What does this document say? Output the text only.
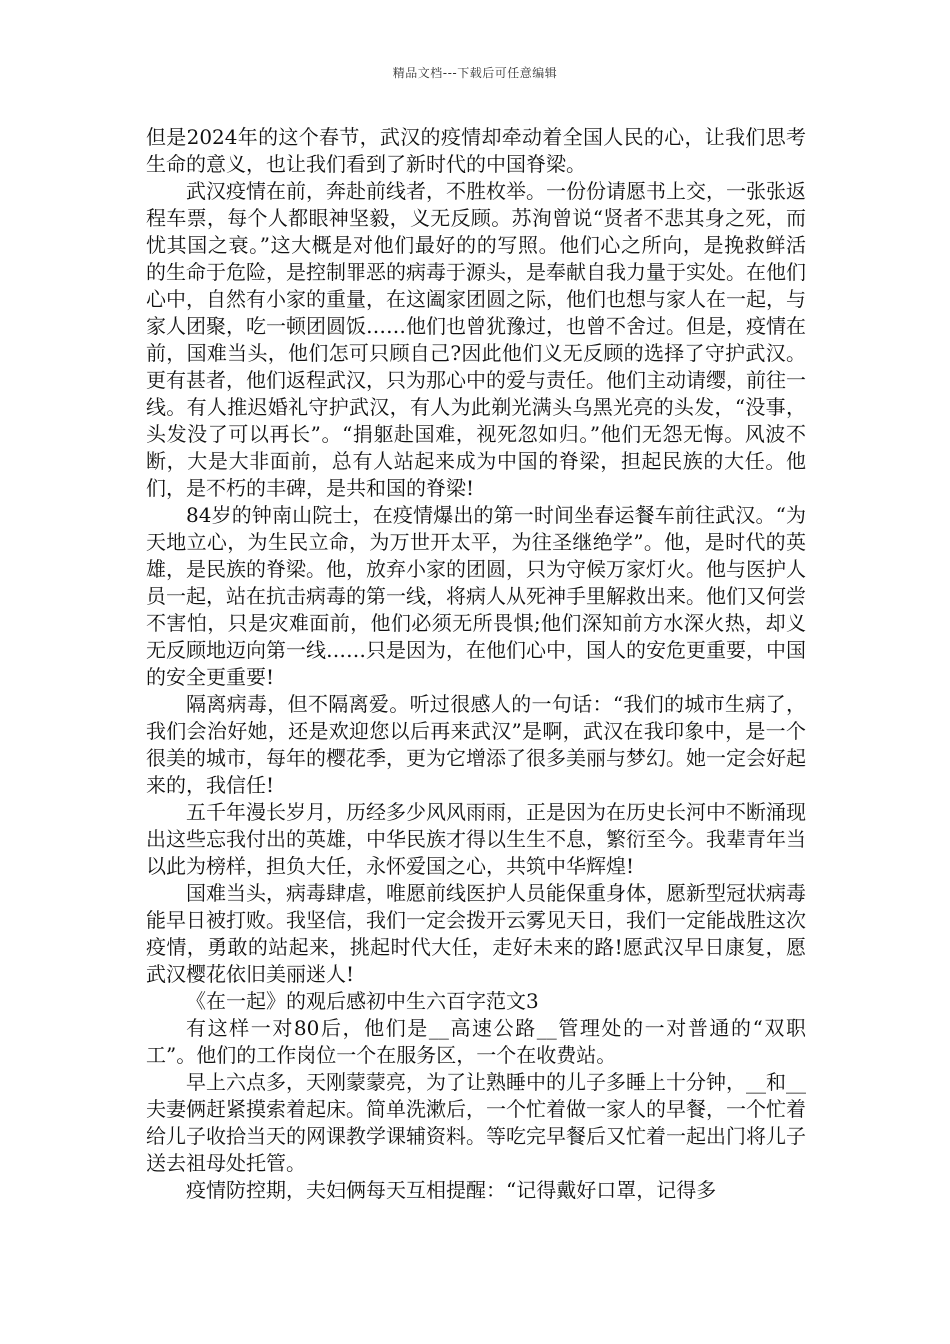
精品文档---下载后可任意编辑

但是2024年的这个春节，武汉的疫情却牵动着全国人民的心，让我们思考生命的意义，也让我们看到了新时代的中国脊梁。

武汉疫情在前，奔赴前线者，不胜枚举。一份份请愿书上交，一张张返程车票，每个人都眼神坚毅，义无反顾。苏洵曾说“贤者不悲其身之死，而忧其国之衰。”这大概是对他们最好的的写照。他们心之所向，是挽救鲜活的生命于危险，是控制罪恶的病毒于源头，是奉献自我力量于实处。在他们心中，自然有小家的重量，在这阖家团圆之际，他们也想与家人在一起，与家人团聚，吃一顿团圆饭……他们也曾犹豫过，也曾不舍过。但是，疫情在前，国难当头，他们怎可只顾自己?因此他们义无反顾的选择了守护武汉。更有甚者，他们返程武汉，只为那心中的爱与责任。他们主动请缨，前往一线。有人推迟婚礼守护武汉，有人为此剃光满头乌黑光亮的头发，“没事，头发没了可以再长”。“捐躯赴国难，视死忽如归。”他们无怨无悔。风波不断，大是大非面前，总有人站起来成为中国的脊梁，担起民族的大任。他们，是不朽的丰碑，是共和国的脊梁!

84岁的钟南山院士，在疫情爆出的第一时间坐春运餐车前往武汉。“为天地立心，为生民立命，为万世开太平，为往圣继绝学”。他，是时代的英雄，是民族的脊梁。他，放弃小家的团圆，只为守候万家灯火。他与医护人员一起，站在抗击病毒的第一线，将病人从死神手里解救出来。他们又何尝不害怕，只是灾难面前，他们必须无所畏惧;他们深知前方水深火热，却义无反顾地迈向第一线……只是因为，在他们心中，国人的安危更重要，中国的安全更重要!

隔离病毒，但不隔离爱。听过很感人的一句话：“我们的城市生病了，我们会治好她，还是欢迎您以后再来武汉”是啊，武汉在我印象中，是一个很美的城市，每年的樱花季，更为它增添了很多美丽与梦幻。她一定会好起来的，我信任!

五千年漫长岁月，历经多少风风雨雨，正是因为在历史长河中不断涌现出这些忘我付出的英雄，中华民族才得以生生不息，繁衍至今。我辈青年当以此为榜样，担负大任，永怀爱国之心，共筑中华辉煌!

国难当头，病毒肆虐，唯愿前线医护人员能保重身体，愿新型冠状病毒能早日被打败。我坚信，我们一定会拨开云雾见天日，我们一定能战胜这次疫情，勇敢的站起来，挑起时代大任，走好未来的路!愿武汉早日康复，愿武汉樱花依旧美丽迷人!

《在一起》的观后感初中生六百字范文3

有这样一对80后，他们是__高速公路__管理处的一对普通的“双职工”。他们的工作岗位一个在服务区，一个在收费站。

早上六点多，天刚蒙蒙亮，为了让熟睡中的儿子多睡上十分钟，__和__夫妻俩赶紧摸索着起床。简单洗漱后，一个忙着做一家人的早餐，一个忙着给儿子收拾当天的网课教学课辅资料。等吃完早餐后又忙着一起出门将儿子送去祖母处托管。

疫情防控期，夫妇俩每天互相提醒：“记得戴好口罩，记得多
